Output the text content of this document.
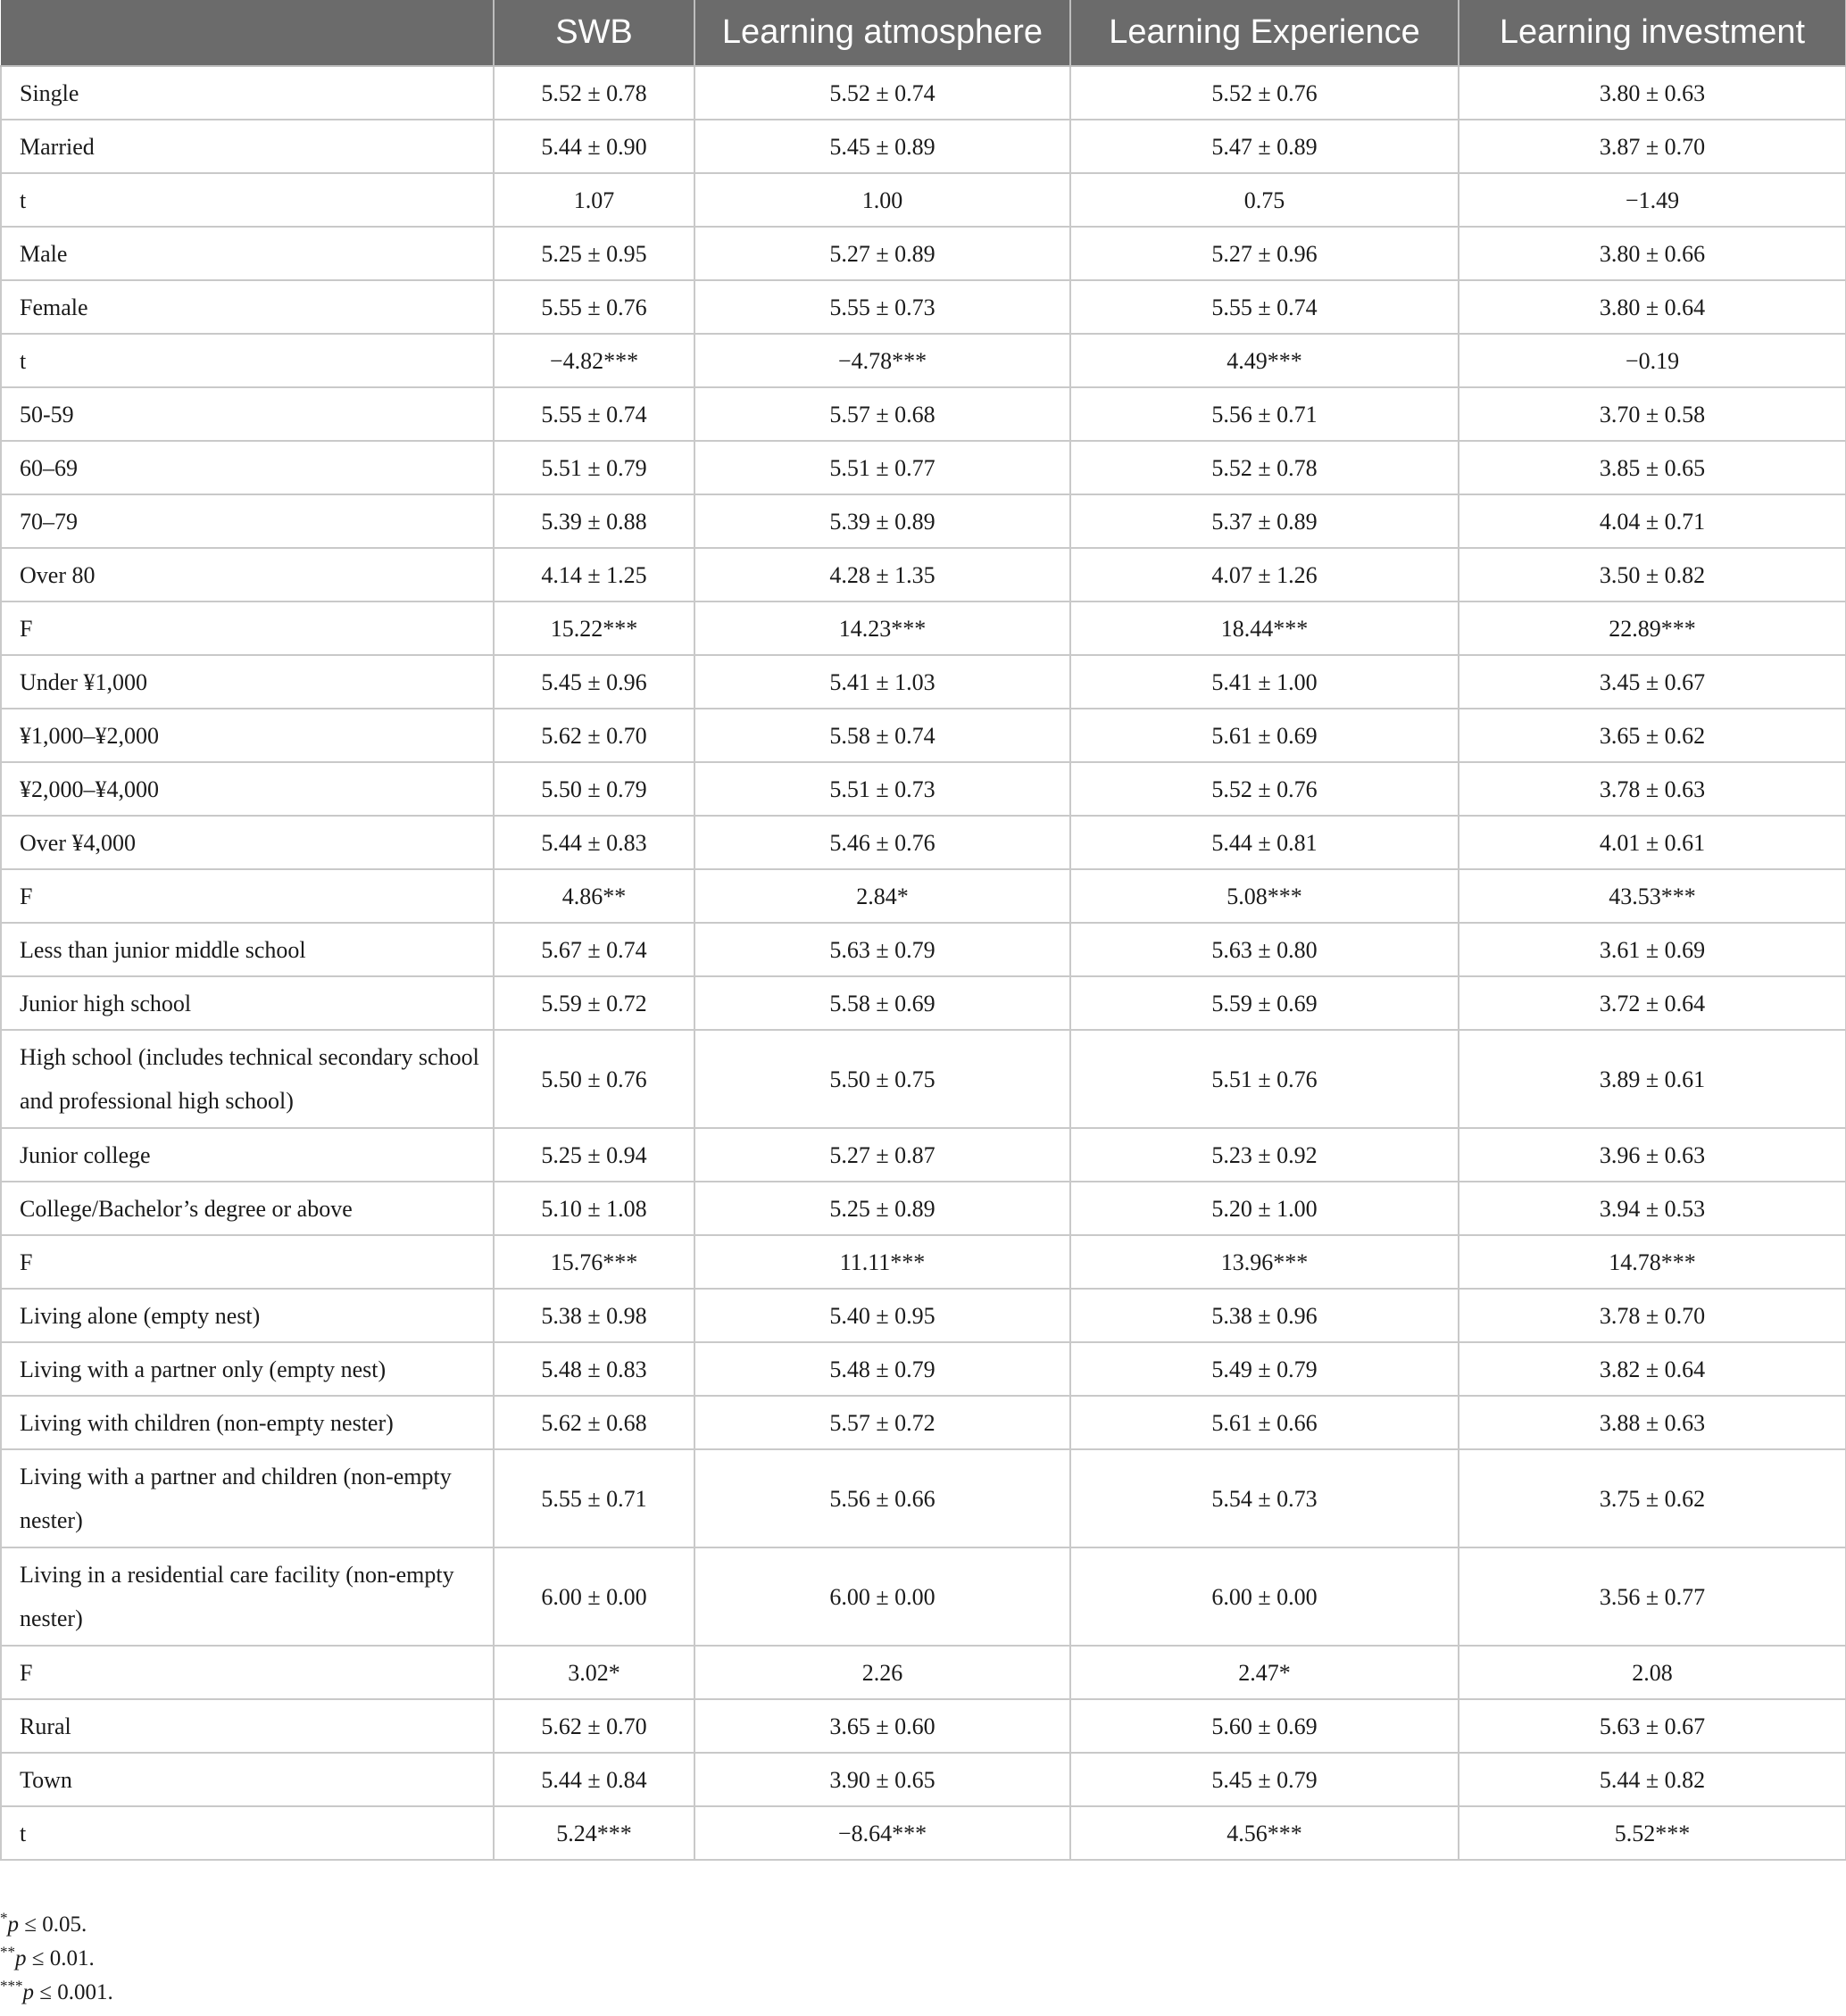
	SWB	Learning atmosphere	Learning Experience	Learning investment
Single	5.52 ± 0.78	5.52 ± 0.74	5.52 ± 0.76	3.80 ± 0.63
Married	5.44 ± 0.90	5.45 ± 0.89	5.47 ± 0.89	3.87 ± 0.70
t	1.07	1.00	0.75	−1.49
Male	5.25 ± 0.95	5.27 ± 0.89	5.27 ± 0.96	3.80 ± 0.66
Female	5.55 ± 0.76	5.55 ± 0.73	5.55 ± 0.74	3.80 ± 0.64
t	−4.82***	−4.78***	4.49***	−0.19
50-59	5.55 ± 0.74	5.57 ± 0.68	5.56 ± 0.71	3.70 ± 0.58
60–69	5.51 ± 0.79	5.51 ± 0.77	5.52 ± 0.78	3.85 ± 0.65
70–79	5.39 ± 0.88	5.39 ± 0.89	5.37 ± 0.89	4.04 ± 0.71
Over 80	4.14 ± 1.25	4.28 ± 1.35	4.07 ± 1.26	3.50 ± 0.82
F	15.22***	14.23***	18.44***	22.89***
Under ¥1,000	5.45 ± 0.96	5.41 ± 1.03	5.41 ± 1.00	3.45 ± 0.67
¥1,000–¥2,000	5.62 ± 0.70	5.58 ± 0.74	5.61 ± 0.69	3.65 ± 0.62
¥2,000–¥4,000	5.50 ± 0.79	5.51 ± 0.73	5.52 ± 0.76	3.78 ± 0.63
Over ¥4,000	5.44 ± 0.83	5.46 ± 0.76	5.44 ± 0.81	4.01 ± 0.61
F	4.86**	2.84*	5.08***	43.53***
Less than junior middle school	5.67 ± 0.74	5.63 ± 0.79	5.63 ± 0.80	3.61 ± 0.69
Junior high school	5.59 ± 0.72	5.58 ± 0.69	5.59 ± 0.69	3.72 ± 0.64
High school (includes technical secondary school and professional high school)	5.50 ± 0.76	5.50 ± 0.75	5.51 ± 0.76	3.89 ± 0.61
Junior college	5.25 ± 0.94	5.27 ± 0.87	5.23 ± 0.92	3.96 ± 0.63
College/Bachelor’s degree or above	5.10 ± 1.08	5.25 ± 0.89	5.20 ± 1.00	3.94 ± 0.53
F	15.76***	11.11***	13.96***	14.78***
Living alone (empty nest)	5.38 ± 0.98	5.40 ± 0.95	5.38 ± 0.96	3.78 ± 0.70
Living with a partner only (empty nest)	5.48 ± 0.83	5.48 ± 0.79	5.49 ± 0.79	3.82 ± 0.64
Living with children (non-empty nester)	5.62 ± 0.68	5.57 ± 0.72	5.61 ± 0.66	3.88 ± 0.63
Living with a partner and children (non-empty nester)	5.55 ± 0.71	5.56 ± 0.66	5.54 ± 0.73	3.75 ± 0.62
Living in a residential care facility (non-empty nester)	6.00 ± 0.00	6.00 ± 0.00	6.00 ± 0.00	3.56 ± 0.77
F	3.02*	2.26	2.47*	2.08
Rural	5.62 ± 0.70	3.65 ± 0.60	5.60 ± 0.69	5.63 ± 0.67
Town	5.44 ± 0.84	3.90 ± 0.65	5.45 ± 0.79	5.44 ± 0.82
t	5.24***	−8.64***	4.56***	5.52***
*p ≤ 0.05.
**p ≤ 0.01.
***p ≤ 0.001.
